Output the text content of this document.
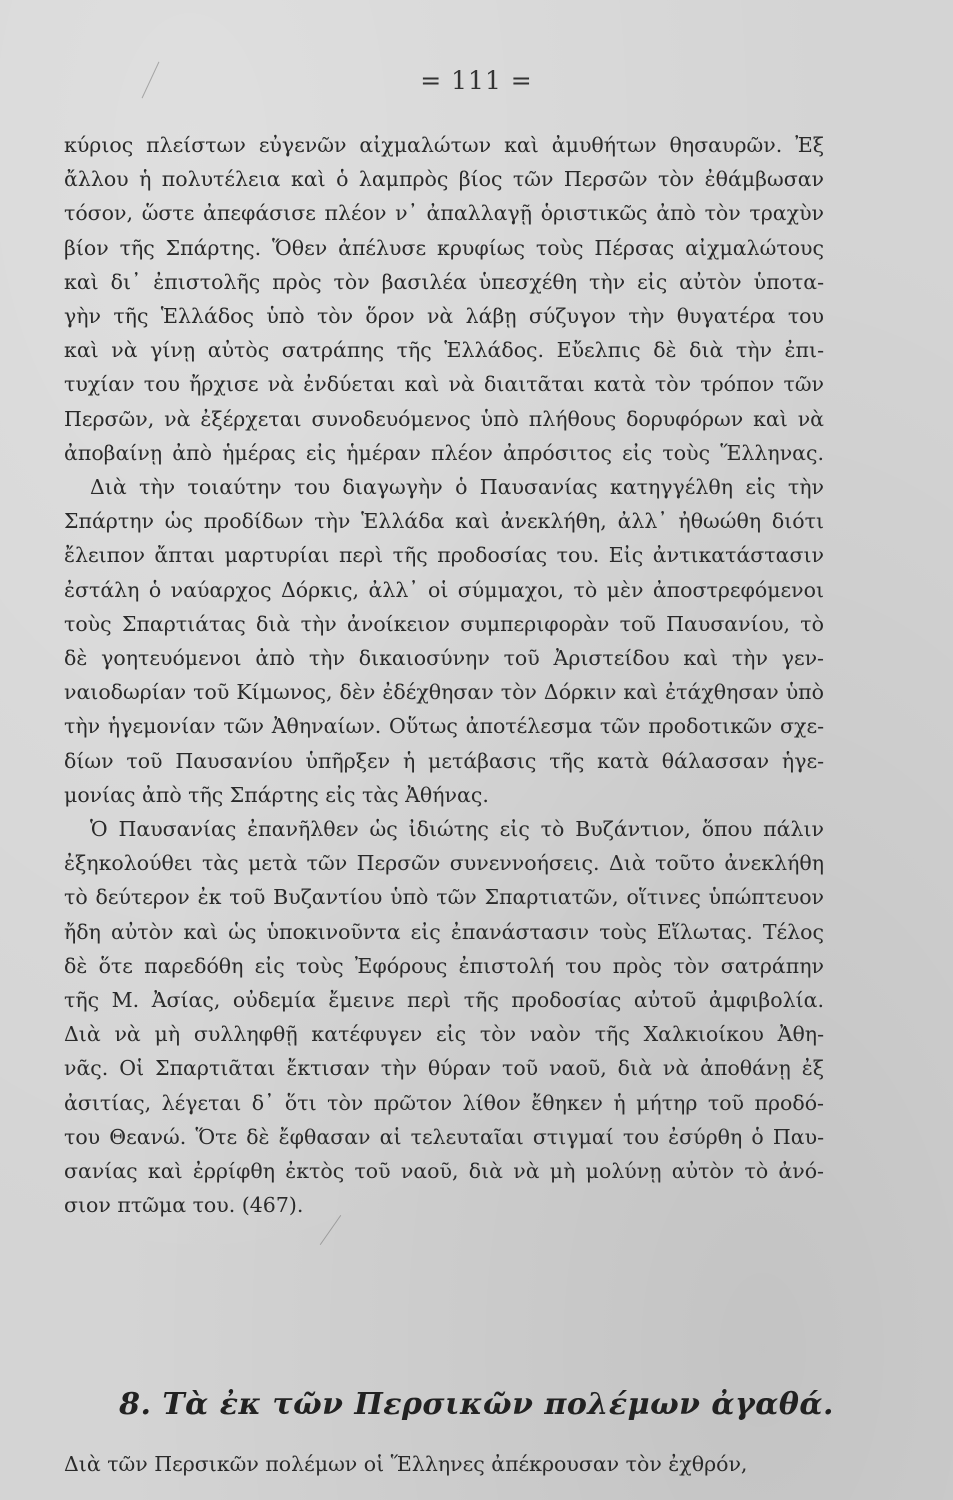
= 111 =
κύριος πλείστων εὐγενῶν αἰχμαλώτων καὶ ἀμυθήτων θησαυρῶν. Ἐξ
ἄλλου ἡ πολυτέλεια καὶ ὁ λαμπρὸς βίος τῶν Περσῶν τὸν ἐθάμβωσαν
τόσον, ὥστε ἀπεφάσισε πλέον ν᾽ ἀπαλλαγῇ ὁριστικῶς ἀπὸ τὸν τραχὺν
βίον τῆς Σπάρτης. Ὅθεν ἀπέλυσε κρυφίως τοὺς Πέρσας αἰχμαλώτους
καὶ δι᾽ ἐπιστολῆς πρὸς τὸν βασιλέα ὑπεσχέθη τὴν εἰς αὐτὸν ὑποτα-
γὴν τῆς Ἑλλάδος ὑπὸ τὸν ὅρον νὰ λάβῃ σύζυγον τὴν θυγατέρα του
καὶ νὰ γίνῃ αὐτὸς σατράπης τῆς Ἑλλάδος. Εὔελπις δὲ διὰ τὴν ἐπι-
τυχίαν του ἤρχισε νὰ ἐνδύεται καὶ νὰ διαιτᾶται κατὰ τὸν τρόπον τῶν
Περσῶν, νὰ ἐξέρχεται συνοδευόμενος ὑπὸ πλήθους δορυφόρων καὶ νὰ
ἀποβαίνῃ ἀπὸ ἡμέρας εἰς ἡμέραν πλέον ἀπρόσιτος εἰς τοὺς Ἕλληνας.
Διὰ τὴν τοιαύτην του διαγωγὴν ὁ Παυσανίας κατηγγέλθη εἰς τὴν
Σπάρτην ὡς προδίδων τὴν Ἑλλάδα καὶ ἀνεκλήθη, ἀλλ᾽ ἠθωώθη διότι
ἔλειπον ἄπται μαρτυρίαι περὶ τῆς προδοσίας του. Εἰς ἀντικατάστασιν
ἐστάλη ὁ ναύαρχος Δόρκις, ἀλλ᾽ οἱ σύμμαχοι, τὸ μὲν ἀποστρεφόμενοι
τοὺς Σπαρτιάτας διὰ τὴν ἀνοίκειον συμπεριφορὰν τοῦ Παυσανίου, τὸ
δὲ γοητευόμενοι ἀπὸ τὴν δικαιοσύνην τοῦ Ἀριστείδου καὶ τὴν γεν-
ναιοδωρίαν τοῦ Κίμωνος, δὲν ἐδέχθησαν τὸν Δόρκιν καὶ ἐτάχθησαν ὑπὸ
τὴν ἡγεμονίαν τῶν Ἀθηναίων. Οὕτως ἀποτέλεσμα τῶν προδοτικῶν σχε-
δίων τοῦ Παυσανίου ὑπῆρξεν ἡ μετάβασις τῆς κατὰ θάλασσαν ἡγε-
μονίας ἀπὸ τῆς Σπάρτης εἰς τὰς Ἀθήνας.
Ὁ Παυσανίας ἐπανῆλθεν ὡς ἰδιώτης εἰς τὸ Βυζάντιον, ὅπου πάλιν
ἐξηκολούθει τὰς μετὰ τῶν Περσῶν συνεννοήσεις. Διὰ τοῦτο ἀνεκλήθη
τὸ δεύτερον ἐκ τοῦ Βυζαντίου ὑπὸ τῶν Σπαρτιατῶν, οἵτινες ὑπώπτευον
ἤδη αὐτὸν καὶ ὡς ὑποκινοῦντα εἰς ἐπανάστασιν τοὺς Εἵλωτας. Τέλος
δὲ ὅτε παρεδόθη εἰς τοὺς Ἐφόρους ἐπιστολή του πρὸς τὸν σατράπην
τῆς Μ. Ἀσίας, οὐδεμία ἔμεινε περὶ τῆς προδοσίας αὐτοῦ ἀμφιβολία.
Διὰ νὰ μὴ συλληφθῇ κατέφυγεν εἰς τὸν ναὸν τῆς Χαλκιοίκου Ἀθη-
νᾶς. Οἱ Σπαρτιᾶται ἔκτισαν τὴν θύραν τοῦ ναοῦ, διὰ νὰ ἀποθάνῃ ἐξ
ἀσιτίας, λέγεται δ᾽ ὅτι τὸν πρῶτον λίθον ἔθηκεν ἡ μήτηρ τοῦ προδό-
του Θεανώ. Ὅτε δὲ ἔφθασαν αἱ τελευταῖαι στιγμαί του ἐσύρθη ὁ Παυ-
σανίας καὶ ἐρρίφθη ἐκτὸς τοῦ ναοῦ, διὰ νὰ μὴ μολύνῃ αὐτὸν τὸ ἀνό-
σιον πτῶμα του. (467).
8. Τὰ ἐκ τῶν Περσικῶν πολέμων ἀγαθά.
Διὰ τῶν Περσικῶν πολέμων οἱ Ἕλληνες ἀπέκρουσαν τὸν ἐχθρόν,
